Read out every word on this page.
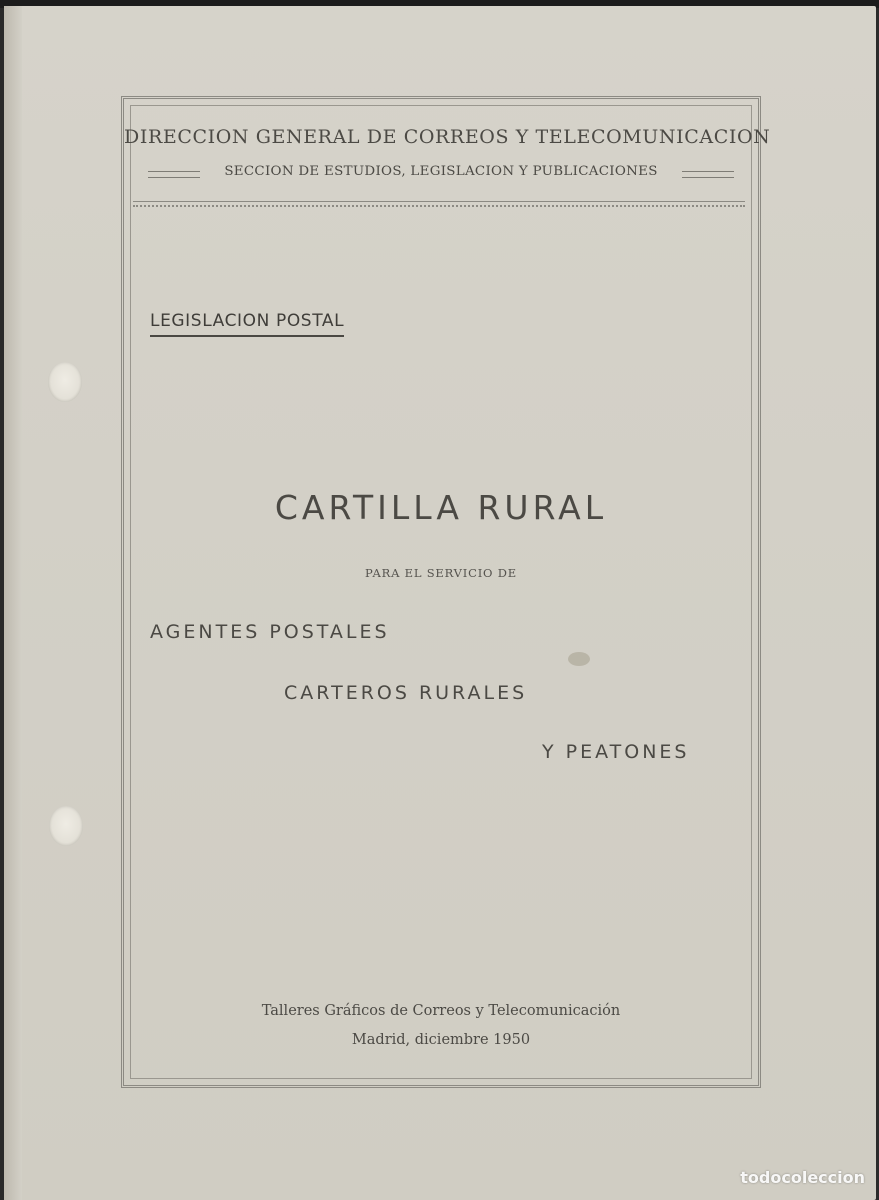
DIRECCION GENERAL DE CORREOS Y TELECOMUNICACION
SECCION DE ESTUDIOS, LEGISLACION Y PUBLICACIONES
LEGISLACION POSTAL
CARTILLA RURAL
PARA EL SERVICIO DE
AGENTES POSTALES
CARTEROS RURALES
Y PEATONES
Talleres Gráficos de Correos y Telecomunicación
Madrid, diciembre 1950
todocoleccion
